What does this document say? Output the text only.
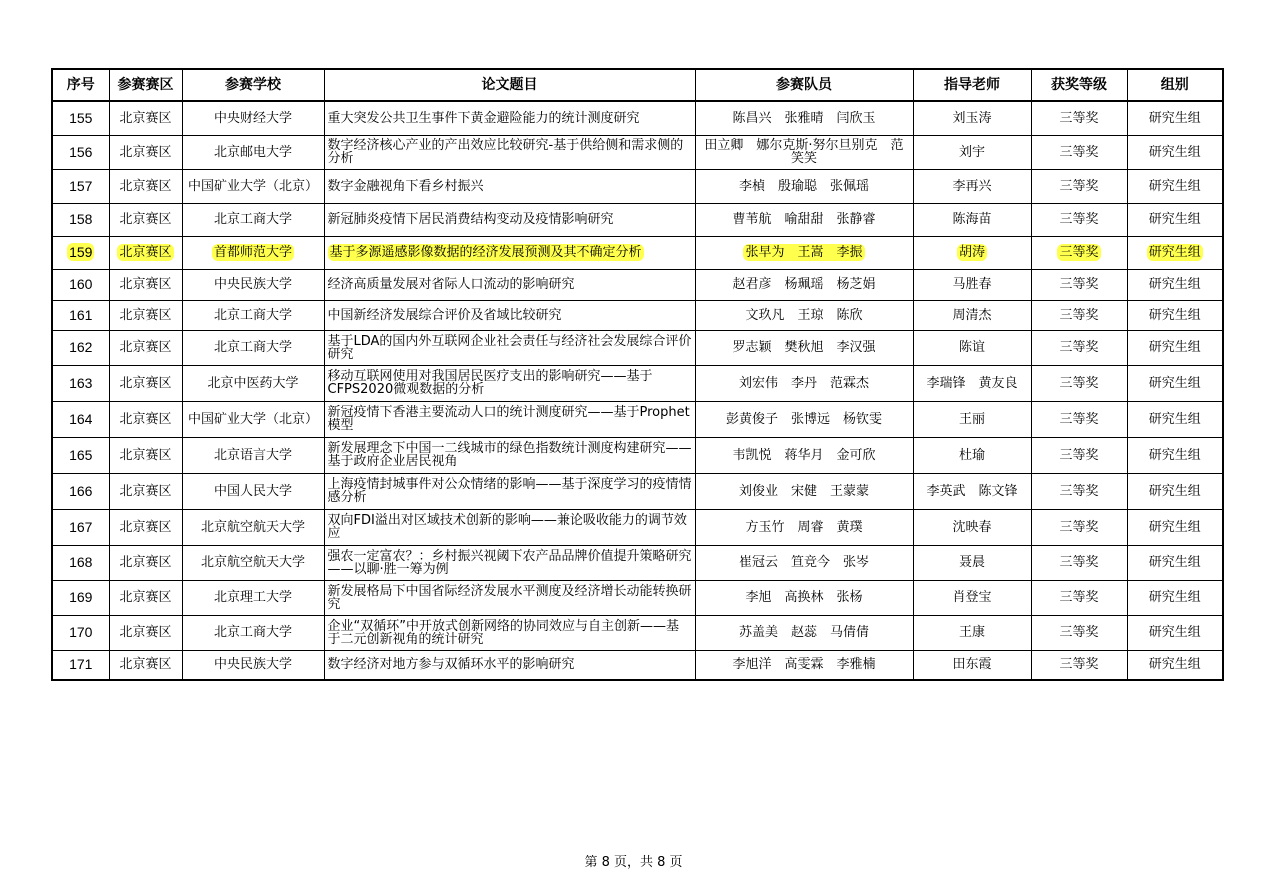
序号	参赛赛区	参赛学校	论文题目	参赛队员	指导老师	获奖等级	组别
155	北京赛区	中央财经大学	重大突发公共卫生事件下黄金避险能力的统计测度研究	陈昌兴　张雅晴　闫欣玉	刘玉涛	三等奖	研究生组
156	北京赛区	北京邮电大学	数字经济核心产业的产出效应比较研究-基于供给侧和需求侧的分析	田立卿　娜尔克斯·努尔旦别克　范笑笑	刘宇	三等奖	研究生组
157	北京赛区	中国矿业大学（北京）	数字金融视角下看乡村振兴	李楨　殷瑜聪　张佩瑶	李再兴	三等奖	研究生组
158	北京赛区	北京工商大学	新冠肺炎疫情下居民消费结构变动及疫情影响研究	曹苇航　喻甜甜　张静睿	陈海苗	三等奖	研究生组
159	北京赛区	首都师范大学	基于多源遥感影像数据的经济发展预测及其不确定分析	张早为　王嵩　李振	胡涛	三等奖	研究生组
160	北京赛区	中央民族大学	经济高质量发展对省际人口流动的影响研究	赵君彦　杨珮瑶　杨芝娟	马胜春	三等奖	研究生组
161	北京赛区	北京工商大学	中国新经济发展综合评价及省域比较研究	文玖凡　王琼　陈欣	周清杰	三等奖	研究生组
162	北京赛区	北京工商大学	基于LDA的国内外互联网企业社会责任与经济社会发展综合评价研究	罗志颖　樊秋旭　李汉强	陈谊	三等奖	研究生组
163	北京赛区	北京中医药大学	移动互联网使用对我国居民医疗支出的影响研究——基于CFPS2020微观数据的分析	刘宏伟　李丹　范霖杰	李瑞锋　黄友良	三等奖	研究生组
164	北京赛区	中国矿业大学（北京）	新冠疫情下香港主要流动人口的统计测度研究——基于Prophet模型	彭黄俊子　张博远　杨钦雯	王丽	三等奖	研究生组
165	北京赛区	北京语言大学	新发展理念下中国一二线城市的绿色指数统计测度构建研究——基于政府企业居民视角	韦凯悦　蒋华月　金可欣	杜瑜	三等奖	研究生组
166	北京赛区	中国人民大学	上海疫情封城事件对公众情绪的影响——基于深度学习的疫情情感分析	刘俊业　宋健　王蒙蒙	李英武　陈文锋	三等奖	研究生组
167	北京赛区	北京航空航天大学	双向FDI溢出对区域技术创新的影响——兼论吸收能力的调节效应	方玉竹　周睿　黄璞	沈映春	三等奖	研究生组
168	北京赛区	北京航空航天大学	强农一定富农？：乡村振兴视阈下农产品品牌价值提升策略研究——以聊·胜一筹为例	崔冠云　笪竞今　张岑	聂晨	三等奖	研究生组
169	北京赛区	北京理工大学	新发展格局下中国省际经济发展水平测度及经济增长动能转换研究	李旭　高换林　张杨	肖登宝	三等奖	研究生组
170	北京赛区	北京工商大学	企业“双循环”中开放式创新网络的协同效应与自主创新——基于二元创新视角的统计研究	苏盖美　赵蕊　马倩倩	王康	三等奖	研究生组
171	北京赛区	中央民族大学	数字经济对地方参与双循环水平的影响研究	李旭洋　高雯霖　李雅楠	田东霞	三等奖	研究生组
第 8 页，共 8 页
